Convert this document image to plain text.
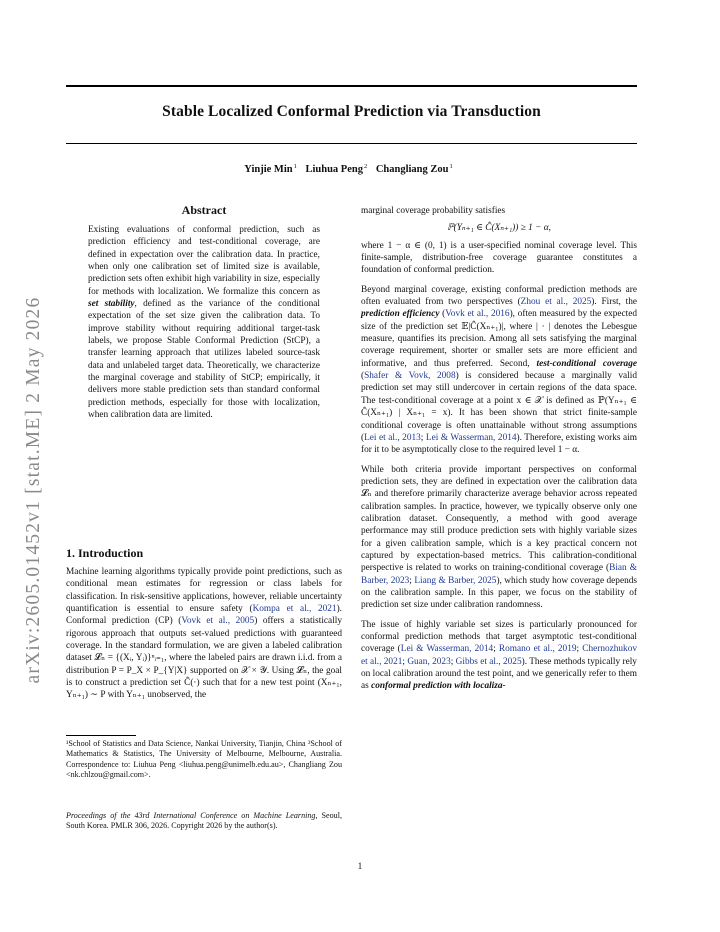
Stable Localized Conformal Prediction via Transduction
Yinjie Min$^1$ Liuhua Peng$^2$ Changliang Zou$^1$
arXiv:2605.01452v1 [stat.ME] 2 May 2026
Abstract
Existing evaluations of conformal prediction, such as prediction efficiency and test-conditional coverage, are defined in expectation over the calibration data. In practice, when only one calibration set of limited size is available, prediction sets often exhibit high variability in size, especially for methods with localization. We formalize this concern as set stability, defined as the variance of the conditional expectation of the set size given the calibration data. To improve stability without requiring additional target-task labels, we propose Stable Conformal Prediction (StCP), a transfer learning approach that utilizes labeled source-task data and unlabeled target data. Theoretically, we characterize the marginal coverage and stability of StCP; empirically, it delivers more stable prediction sets than standard conformal prediction methods, especially for those with localization, when calibration data are limited.
1. Introduction
Machine learning algorithms typically provide point predictions, such as conditional mean estimates for regression or class labels for classification. In risk-sensitive applications, however, reliable uncertainty quantification is essential to ensure safety (Kompa et al., 2021). Conformal prediction (CP) (Vovk et al., 2005) offers a statistically rigorous approach that outputs set-valued predictions with guaranteed coverage. In the standard formulation, we are given a labeled calibration dataset 𝓛ₙ = {(Xᵢ, Yᵢ)}ⁿᵢ₌₁, where the labeled pairs are drawn i.i.d. from a distribution P = P_X × P_{Y|X} supported on 𝒳 × 𝒴. Using 𝓛ₙ, the goal is to construct a prediction set Ĉ(·) such that for a new test point (Xₙ₊₁, Yₙ₊₁) ∼ P with Yₙ₊₁ unobserved, the
¹School of Statistics and Data Science, Nankai University, Tianjin, China ²School of Mathematics & Statistics, The University of Melbourne, Melbourne, Australia. Correspondence to: Liuhua Peng <liuhua.peng@unimelb.edu.au>, Changliang Zou <nk.chlzou@gmail.com>.
Proceedings of the 43rd International Conference on Machine Learning, Seoul, South Korea. PMLR 306, 2026. Copyright 2026 by the author(s).

marginal coverage probability satisfies

ℙ(Yₙ₊₁ ∈ Ĉ(Xₙ₊₁)) ≥ 1 − α,

where 1 − α ∈ (0, 1) is a user-specified nominal coverage level. This finite-sample, distribution-free coverage guarantee constitutes a foundation of conformal prediction.

Beyond marginal coverage, existing conformal prediction methods are often evaluated from two perspectives (Zhou et al., 2025). First, the prediction efficiency (Vovk et al., 2016), often measured by the expected size of the prediction set 𝔼|Ĉ(Xₙ₊₁)|, where | · | denotes the Lebesgue measure, quantifies its precision. Among all sets satisfying the marginal coverage requirement, shorter or smaller sets are more efficient and informative, and thus preferred. Second, test-conditional coverage (Shafer & Vovk, 2008) is considered because a marginally valid prediction set may still undercover in certain regions of the data space. The test-conditional coverage at a point x ∈ 𝒳 is defined as ℙ(Yₙ₊₁ ∈ Ĉ(Xₙ₊₁) | Xₙ₊₁ = x). It has been shown that strict finite-sample conditional coverage is often unattainable without strong assumptions (Lei et al., 2013; Lei & Wasserman, 2014). Therefore, existing works aim for it to be asymptotically close to the required level 1 − α.

While both criteria provide important perspectives on conformal prediction sets, they are defined in expectation over the calibration data 𝓛ₙ and therefore primarily characterize average behavior across repeated calibration samples. In practice, however, we typically observe only one calibration dataset. Consequently, a method with good average performance may still produce prediction sets with highly variable sizes for a given calibration sample, which is a key practical concern not captured by expectation-based metrics. This calibration-conditional perspective is related to works on training-conditional coverage (Bian & Barber, 2023; Liang & Barber, 2025), which study how coverage depends on the calibration sample. In this paper, we focus on the stability of prediction set size under calibration randomness.

The issue of highly variable set sizes is particularly pronounced for conformal prediction methods that target asymptotic test-conditional coverage (Lei & Wasserman, 2014; Romano et al., 2019; Chernozhukov et al., 2021; Guan, 2023; Gibbs et al., 2025). These methods typically rely on local calibration around the test point, and we generically refer to them as conformal prediction with localiza-

1
